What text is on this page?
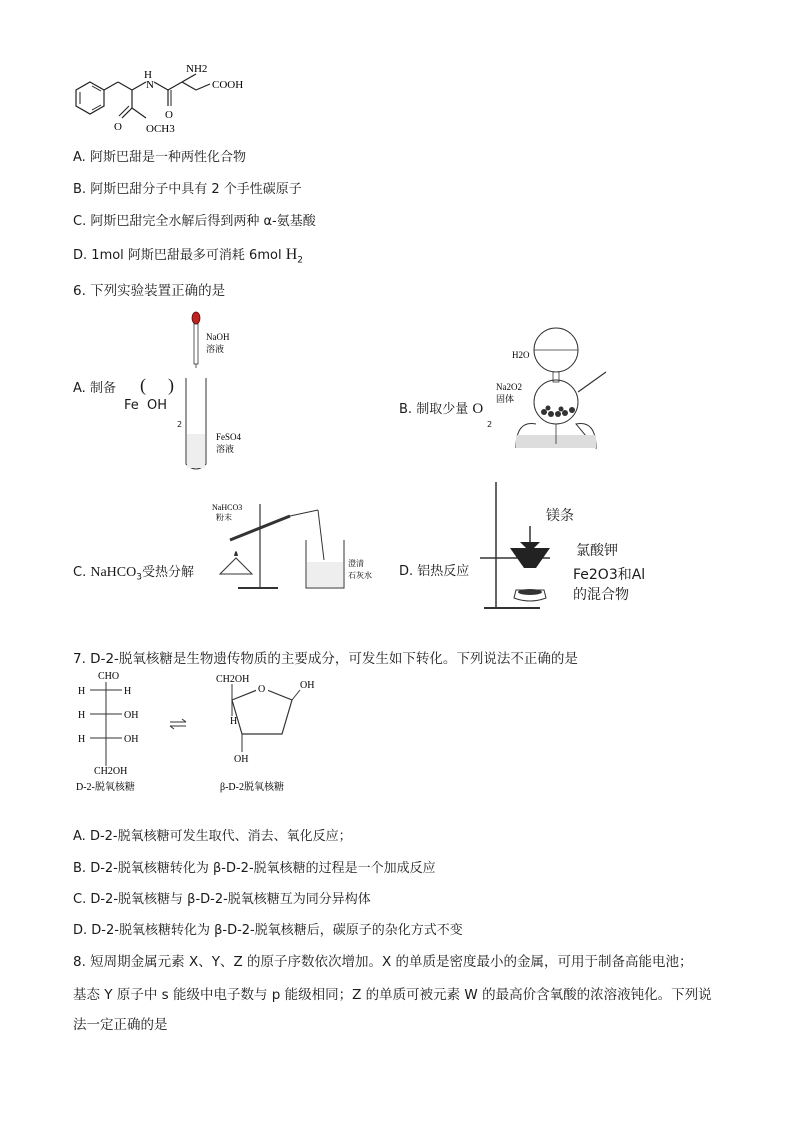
NH2
H
N
O
O
COOH
OCH3
A. 阿斯巴甜是一种两性化合物
B. 阿斯巴甜分子中具有 2 个手性碳原子
C. 阿斯巴甜完全水解后得到两种 α-氨基酸
D. 1mol 阿斯巴甜最多可消耗 6mol $H_2$
6. 下列实验装置正确的是
NaOH
溶液
FeSO4
溶液
A. 制备 ( )
Fe  OH
2
H2O
Na2O2
固体
B. 制取少量 O
2
NaHCO3
粉末
澄清
石灰水
C. NaHCO$_3$受热分解
镁条
氯酸钾
Fe2O3和Al
的混合物
D. 铝热反应
7. D-2-脱氧核糖是生物遗传物质的主要成分，可发生如下转化。下列说法不正确的是
CHO
H	H
H	OH
H	OH
CH2OH
CH2OH
O	OH
H
OH
D-2-脱氧核糖	β-D-2脱氧核糖
A. D-2-脱氧核糖可发生取代、消去、氧化反应；
B. D-2-脱氧核糖转化为 β-D-2-脱氧核糖的过程是一个加成反应
C. D-2-脱氧核糖与 β-D-2-脱氧核糖互为同分异构体
D. D-2-脱氧核糖转化为 β-D-2-脱氧核糖后，碳原子的杂化方式不变
8. 短周期金属元素 X、Y、Z 的原子序数依次增加。X 的单质是密度最小的金属，可用于制备高能电池；
基态 Y 原子中 s 能级中电子数与 p 能级相同；Z 的单质可被元素 W 的最高价含氧酸的浓溶液钝化。下列说
法一定正确的是
